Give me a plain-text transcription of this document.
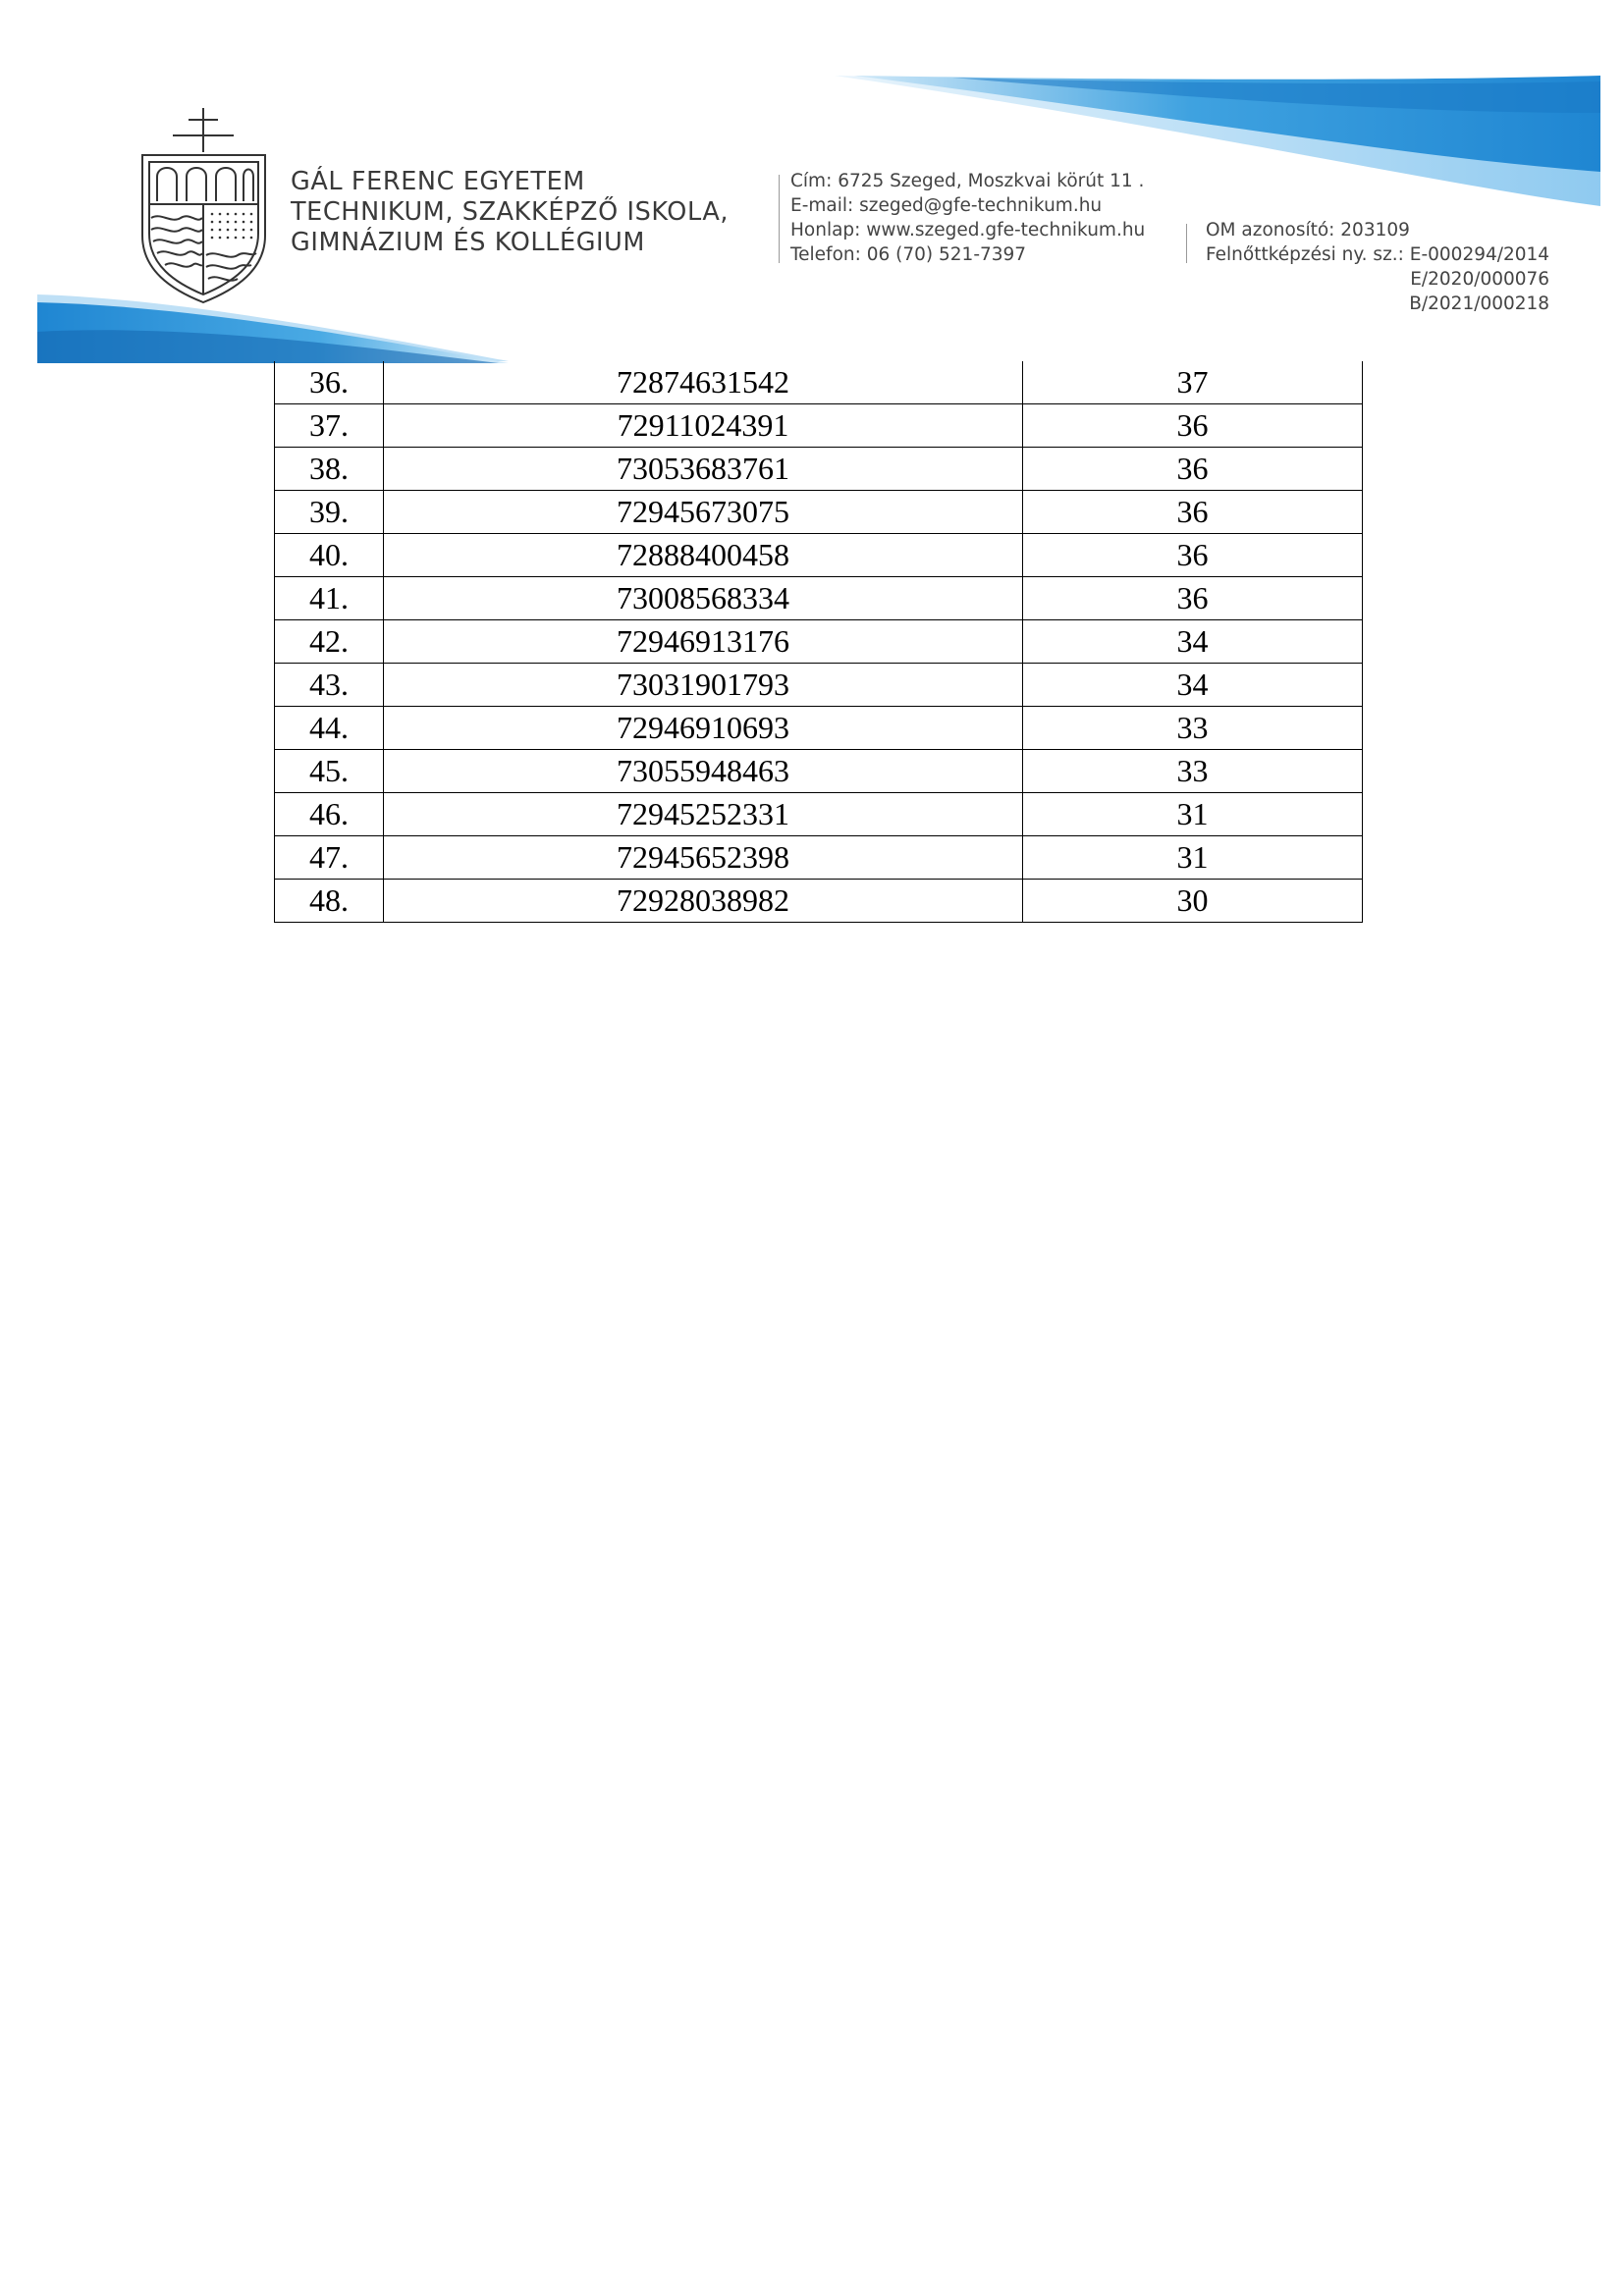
GÁL FERENC EGYETEM
TECHNIKUM, SZAKKÉPZŐ ISKOLA,
GIMNÁZIUM ÉS KOLLÉGIUM
Cím: 6725 Szeged, Moszkvai körút 11 .
E-mail: szeged@gfe-technikum.hu
Honlap: www.szeged.gfe-technikum.hu
Telefon: 06 (70) 521-7397
OM azonosító: 203109
Felnőttképzési ny. sz.: E-000294/2014
E/2020/000076
B/2021/000218
36.	72874631542	37
37.	72911024391	36
38.	73053683761	36
39.	72945673075	36
40.	72888400458	36
41.	73008568334	36
42.	72946913176	34
43.	73031901793	34
44.	72946910693	33
45.	73055948463	33
46.	72945252331	31
47.	72945652398	31
48.	72928038982	30
